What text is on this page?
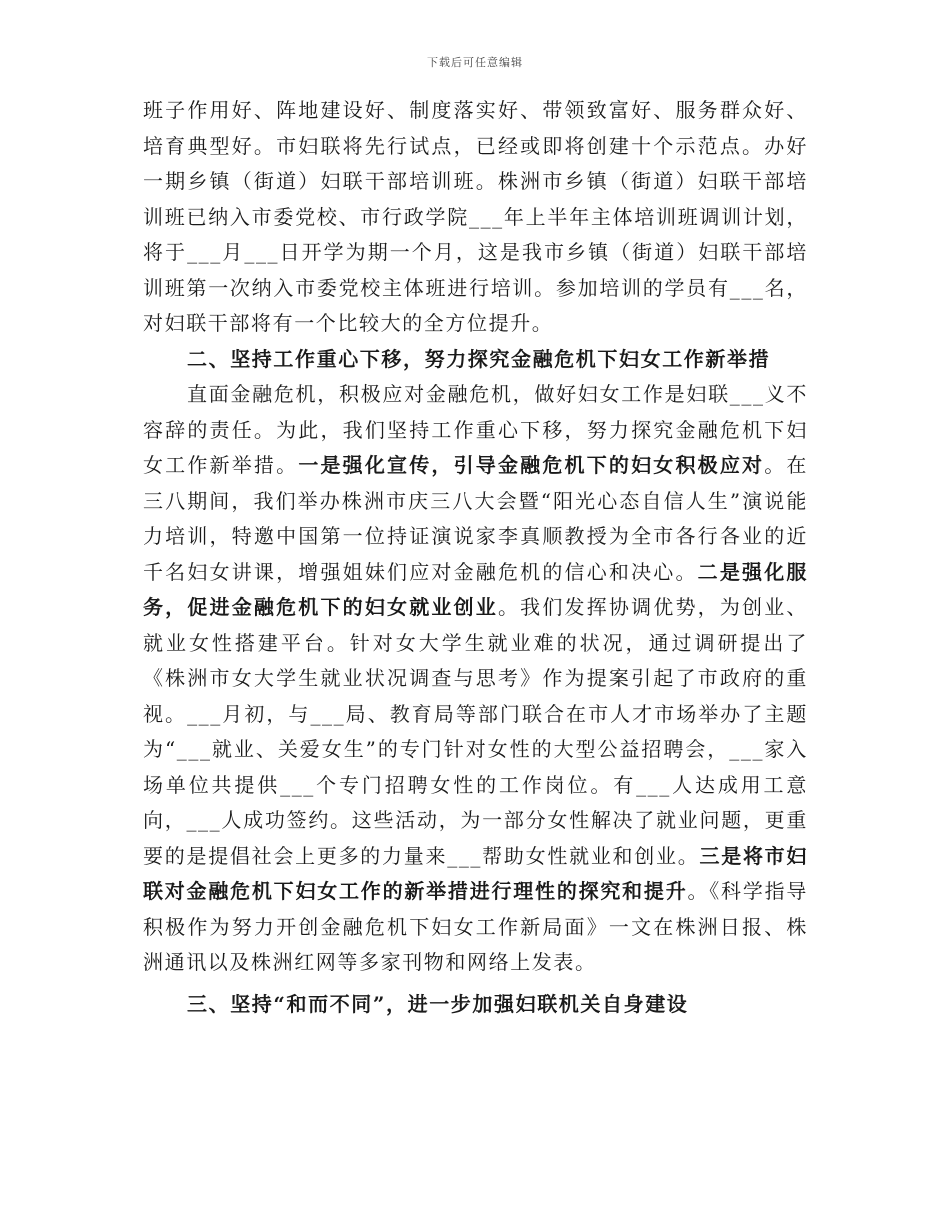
下载后可任意编辑

班子作用好、阵地建设好、制度落实好、带领致富好、服务群众好、培育典型好。市妇联将先行试点，已经或即将创建十个示范点。办好一期乡镇（街道）妇联干部培训班。株洲市乡镇（街道）妇联干部培训班已纳入市委党校、市行政学院___年上半年主体培训班调训计划，将于___月___日开学为期一个月，这是我市乡镇（街道）妇联干部培训班第一次纳入市委党校主体班进行培训。参加培训的学员有___名，对妇联干部将有一个比较大的全方位提升。

二、坚持工作重心下移，努力探究金融危机下妇女工作新举措

直面金融危机，积极应对金融危机，做好妇女工作是妇联___义不容辞的责任。为此，我们坚持工作重心下移，努力探究金融危机下妇女工作新举措。一是强化宣传，引导金融危机下的妇女积极应对。在三八期间，我们举办株洲市庆三八大会暨“阳光心态自信人生”演说能力培训，特邀中国第一位持证演说家李真顺教授为全市各行各业的近千名妇女讲课，增强姐妹们应对金融危机的信心和决心。二是强化服务，促进金融危机下的妇女就业创业。我们发挥协调优势，为创业、就业女性搭建平台。针对女大学生就业难的状况，通过调研提出了《株洲市女大学生就业状况调查与思考》作为提案引起了市政府的重视。___月初，与___局、教育局等部门联合在市人才市场举办了主题为“___就业、关爱女生”的专门针对女性的大型公益招聘会，___家入场单位共提供___个专门招聘女性的工作岗位。有___人达成用工意向，___人成功签约。这些活动，为一部分女性解决了就业问题，更重要的是提倡社会上更多的力量来___帮助女性就业和创业。三是将市妇联对金融危机下妇女工作的新举措进行理性的探究和提升。《科学指导积极作为努力开创金融危机下妇女工作新局面》一文在株洲日报、株洲通讯以及株洲红网等多家刊物和网络上发表。

三、坚持“和而不同”，进一步加强妇联机关自身建设
